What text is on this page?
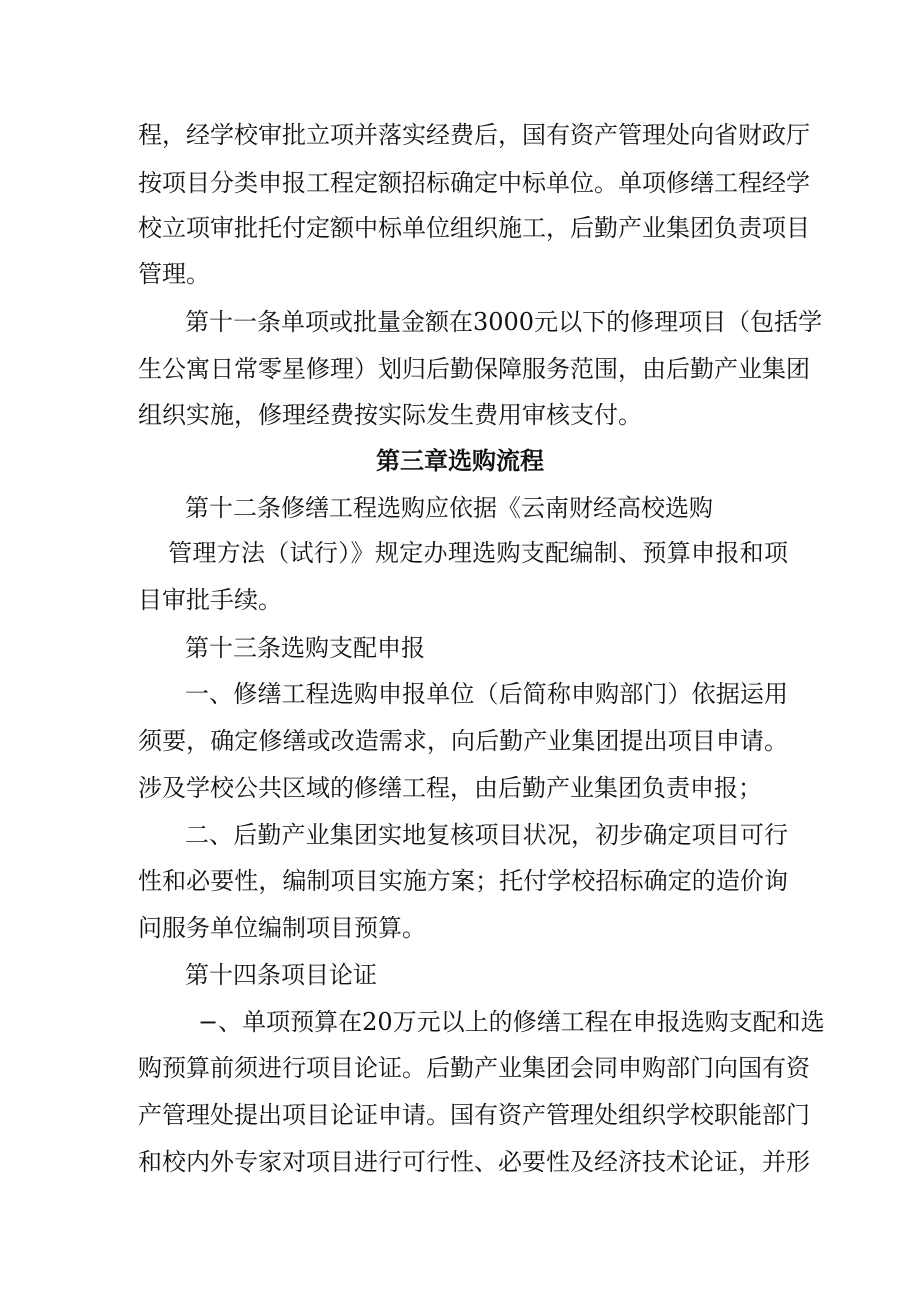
程，经学校审批立项并落实经费后，国有资产管理处向省财政厅
按项目分类申报工程定额招标确定中标单位。单项修缮工程经学
校立项审批托付定额中标单位组织施工，后勤产业集团负责项目
管理。
第十一条单项或批量金额在3000元以下的修理项目（包括学
生公寓日常零星修理）划归后勤保障服务范围，由后勤产业集团
组织实施，修理经费按实际发生费用审核支付。
第三章选购流程
第十二条修缮工程选购应依据《云南财经高校选购
管理方法（试行）》规定办理选购支配编制、预算申报和项
目审批手续。
第十三条选购支配申报
一、修缮工程选购申报单位（后简称申购部门）依据运用
须要，确定修缮或改造需求，向后勤产业集团提出项目申请。
涉及学校公共区域的修缮工程，由后勤产业集团负责申报；
二、后勤产业集团实地复核项目状况，初步确定项目可行
性和必要性，编制项目实施方案；托付学校招标确定的造价询
问服务单位编制项目预算。
第十四条项目论证
−、单项预算在20万元以上的修缮工程在申报选购支配和选
购预算前须进行项目论证。后勤产业集团会同申购部门向国有资
产管理处提出项目论证申请。国有资产管理处组织学校职能部门
和校内外专家对项目进行可行性、必要性及经济技术论证，并形
